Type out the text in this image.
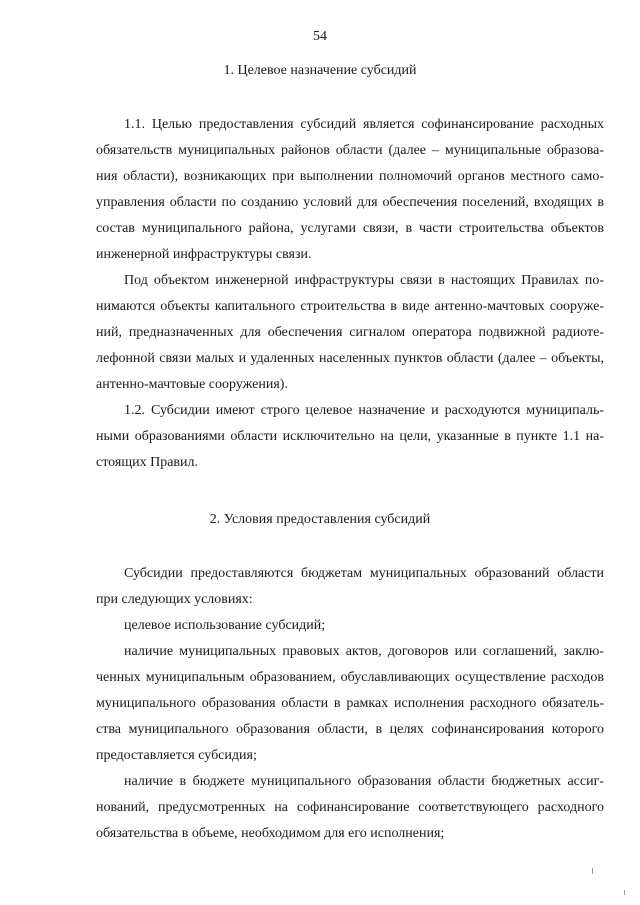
54
1. Целевое назначение субсидий
1.1. Целью предоставления субсидий является софинансирование расходных
обязательств муниципальных районов области (далее – муниципальные образова-
ния области), возникающих при выполнении полномочий органов местного само-
управления области по созданию условий для обеспечения поселений, входящих в
состав муниципального района, услугами связи, в части строительства объектов
инженерной инфраструктуры связи.
Под объектом инженерной инфраструктуры связи в настоящих Правилах по-
нимаются объекты капитального строительства в виде антенно-мачтовых сооруже-
ний, предназначенных для обеспечения сигналом оператора подвижной радиоте-
лефонной связи малых и удаленных населенных пунктов области (далее – объекты,
антенно-мачтовые сооружения).
1.2. Субсидии имеют строго целевое назначение и расходуются муниципаль-
ными образованиями области исключительно на цели, указанные в пункте 1.1 на-
стоящих Правил.
2. Условия предоставления субсидий
Субсидии предоставляются бюджетам муниципальных образований области
при следующих условиях:
целевое использование субсидий;
наличие муниципальных правовых актов, договоров или соглашений, заклю-
ченных муниципальным образованием, обуславливающих осуществление расходов
муниципального образования области в рамках исполнения расходного обязатель-
ства муниципального образования области, в целях софинансирования которого
предоставляется субсидия;
наличие в бюджете муниципального образования области бюджетных ассиг-
нований, предусмотренных на софинансирование соответствующего расходного
обязательства в объеме, необходимом для его исполнения;
